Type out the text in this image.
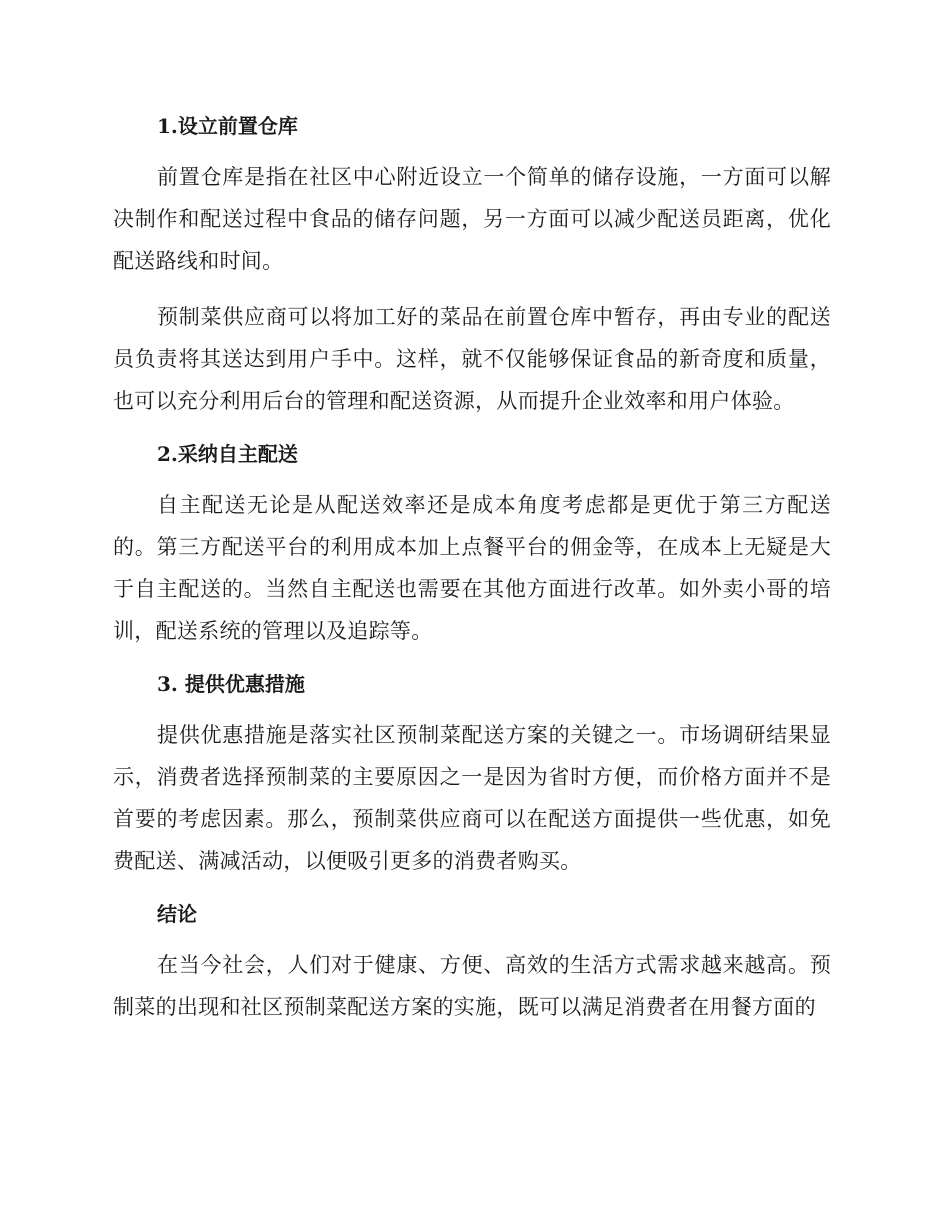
1.设立前置仓库

前置仓库是指在社区中心附近设立一个简单的储存设施，一方面可以解决制作和配送过程中食品的储存问题，另一方面可以减少配送员距离，优化配送路线和时间。

预制菜供应商可以将加工好的菜品在前置仓库中暂存，再由专业的配送员负责将其送达到用户手中。这样，就不仅能够保证食品的新奇度和质量，也可以充分利用后台的管理和配送资源，从而提升企业效率和用户体验。

2.采纳自主配送

自主配送无论是从配送效率还是成本角度考虑都是更优于第三方配送的。第三方配送平台的利用成本加上点餐平台的佣金等，在成本上无疑是大于自主配送的。当然自主配送也需要在其他方面进行改革。如外卖小哥的培训，配送系统的管理以及追踪等。

3. 提供优惠措施

提供优惠措施是落实社区预制菜配送方案的关键之一。市场调研结果显示，消费者选择预制菜的主要原因之一是因为省时方便，而价格方面并不是首要的考虑因素。那么，预制菜供应商可以在配送方面提供一些优惠，如免费配送、满减活动，以便吸引更多的消费者购买。

结论

在当今社会，人们对于健康、方便、高效的生活方式需求越来越高。预制菜的出现和社区预制菜配送方案的实施，既可以满足消费者在用餐方面的
